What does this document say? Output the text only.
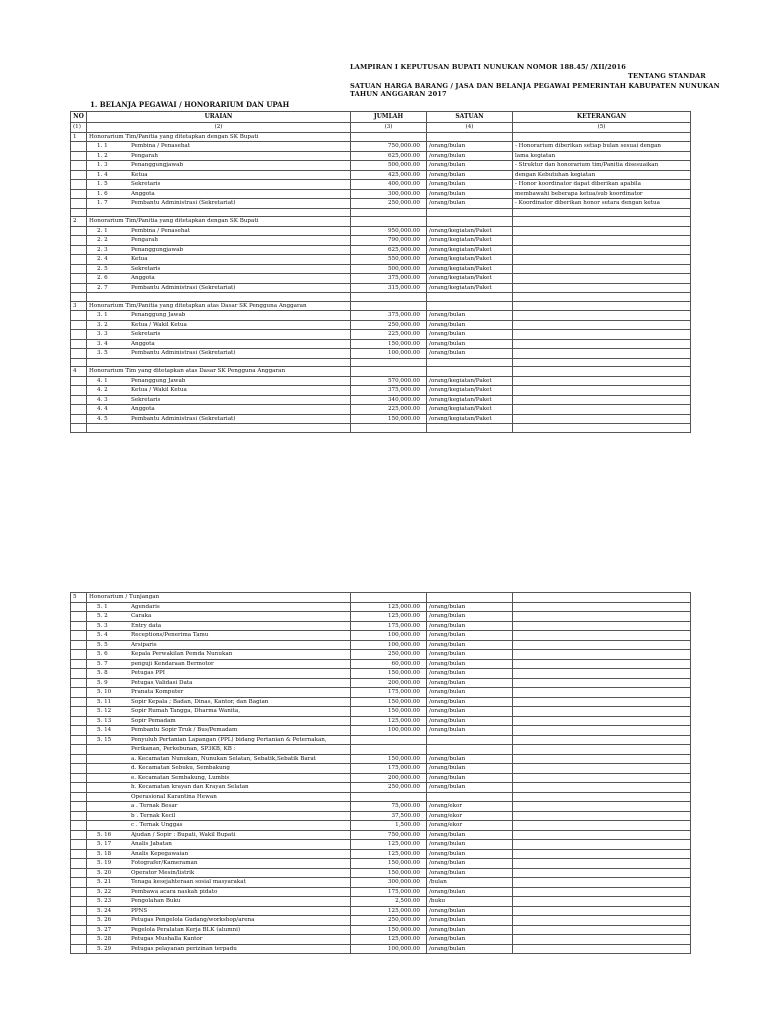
LAMPIRAN I KEPUTUSAN BUPATI NUNUKAN NOMOR 188.45/ /XII/2016
TENTANG STANDAR
SATUAN HARGA BARANG / JASA DAN BELANJA PEGAWAI PEMERINTAH KABUPATEN NUNUKAN
TAHUN ANGGARAN 2017
1. BELANJA PEGAWAI / HONORARIUM DAN UPAH
NO	URAIAN	JUMLAH	SATUAN	KETERANGAN
(1)	(2)	(3)	(4)	(5)
1	Honorarium Tim/Panitia yang ditetapkan dengan SK Bupati			
	1. 1 Pembina / Penasehat	750,000.00	/orang/bulan	- Honorarium diberikan setiap bulan sesuai dengan
	1. 2 Pengarah	625,000.00	/orang/bulan	lama kegiatan
	1. 3 Penanggungjawab	500,000.00	/orang/bulan	- Struktur dan honorarium tim/Panitia disesuaikan
	1. 4 Ketua	425,000.00	/orang/bulan	dengan Kebutuhan kegiatan
	1. 5 Sekretaris	400,000.00	/orang/bulan	- Honor koordinator dapat diberikan apabila
	1. 6 Anggota	300,000.00	/orang/bulan	membawahi beberapa ketua/sub koordinator
	1. 7 Pembantu Administrasi (Sekretariat)	250,000.00	/orang/bulan	- Koordinator diberikan honor setara dengan ketua

2	Honorarium Tim/Panitia yang ditetapkan dengan SK Bupati			
	2. 1 Pembina / Penasehat	950,000.00	/orang/kegiatan/Paket	
	2. 2 Pengarah	790,000.00	/orang/kegiatan/Paket	
	2. 3 Penanggungjawab	625,000.00	/orang/kegiatan/Paket	
	2. 4 Ketua	550,000.00	/orang/kegiatan/Paket	
	2. 5 Sekretaris	500,000.00	/orang/kegiatan/Paket	
	2. 6 Anggota	375,000.00	/orang/kegiatan/Paket	
	2. 7 Pembantu Administrasi (Sekretariat)	315,000.00	/orang/kegiatan/Paket	

3	Honorarium Tim/Panitia yang ditetapkan atas Dasar SK Pengguna Anggaran			
	3. 1 Penanggung Jawab	375,000.00	/orang/bulan	
	3. 2 Ketua / Wakil Ketua	250,000.00	/orang/bulan	
	3. 3 Sekretaris	225,000.00	/orang/bulan	
	3. 4 Anggota	150,000.00	/orang/bulan	
	3. 5 Pembantu Administrasi (Sekretariat)	100,000.00	/orang/bulan	

4	Honorarium Tim yang ditetapkan atas Dasar SK Pengguna Anggaran			
	4. 1 Penanggung Jawab	570,000.00	/orang/kegiatan/Paket	
	4. 2 Ketua / Wakil Ketua	375,000.00	/orang/kegiatan/Paket	
	4. 3 Sekretaris	340,000.00	/orang/kegiatan/Paket	
	4. 4 Anggota	225,000.00	/orang/kegiatan/Paket	
	4. 5 Pembantu Administrasi (Sekretariat)	150,000.00	/orang/kegiatan/Paket	

5	Honorarium / Tunjangan			
	5. 1 Agendaris	125,000.00	/orang/bulan	
	5. 2 Caraka	125,000.00	/orang/bulan	
	5. 3 Entry data	175,000.00	/orang/bulan	
	5. 4 Receptions/Penerima Tamu	100,000.00	/orang/bulan	
	5. 5 Arsiparis	100,000.00	/orang/bulan	
	5. 6 Kepala Perwakilan Pemda Nunukan	250,000.00	/orang/bulan	
	5. 7 penguji Kendaraan Bermotor	60,000.00	/orang/bulan	
	5. 8 Petugas PPI	150,000.00	/orang/bulan	
	5. 9 Petugas Validasi Data	200,000.00	/orang/bulan	
	5. 10 Pranata Komputer	175,000.00	/orang/bulan	
	5. 11 Sopir Kepala ; Badan, Dinas, Kantor, dan Bagian	150,000.00	/orang/bulan	
	5. 12 Sopir Rumah Tangga, Dharma Wanita,	150,000.00	/orang/bulan	
	5. 13 Sopir Pemadam	125,000.00	/orang/bulan	
	5. 14 Pembantu Sopir Truk / Bus/Pemadam	100,000.00	/orang/bulan	
	5. 15 Penyuluh Pertanian Lapangan (PPL) bidang Pertanian & Peternakan,			
	Perikanan, Perkebunan, SP3KB, KB :			
	a. Kecamatan Nunukan, Nunukan Selatan, Sebatik,Sebatik Barat	150,000.00	/orang/bulan	
	d. Kecamatan Sebuku, Sembakung	175,000.00	/orang/bulan	
	e. Kecamatan Sembakung, Lumbis	200,000.00	/orang/bulan	
	h. Kecamatan krayan dan Krayan Selatan	250,000.00	/orang/bulan	
	Operasional Karantina Hewan			
	a . Ternak Besar	75,000.00	/orang/ekor	
	b . Ternak Kecil	37,500.00	/orang/ekor	
	c . Ternak Unggas	1,500.00	/orang/ekor	
	5. 16 Ajudan / Sopir : Bupati, Wakil Bupati	750,000.00	/orang/bulan	
	5. 17 Analis Jabatan	125,000.00	/orang/bulan	
	5. 18 Analis Kepegawaian	125,000.00	/orang/bulan	
	5. 19 Fotografer/Kameraman	150,000.00	/orang/bulan	
	5. 20 Operator Mesin/listrik	150,000.00	/orang/bulan	
	5. 21 Tenaga kesejahteraan sosial masyarakat	300,000.00	/bulan	
	5. 22 Pembawa acara naskah pidato	175,000.00	/orang/bulan	
	5. 23 Pengolahan Buku	2,500.00	/buku	
	5. 24 PPNS	125,000.00	/orang/bulan	
	5. 26 Petugas Pengelola Gudang/workshop/arena	250,000.00	/orang/bulan	
	5. 27 Pegelola Peralatan Kerja BLK (alumni)	150,000.00	/orang/bulan	
	5. 28 Petugas Mushalla Kantor	125,000.00	/orang/bulan	
	5. 29 Petugas pelayanan perizinan terpadu	100,000.00	/orang/bulan	
